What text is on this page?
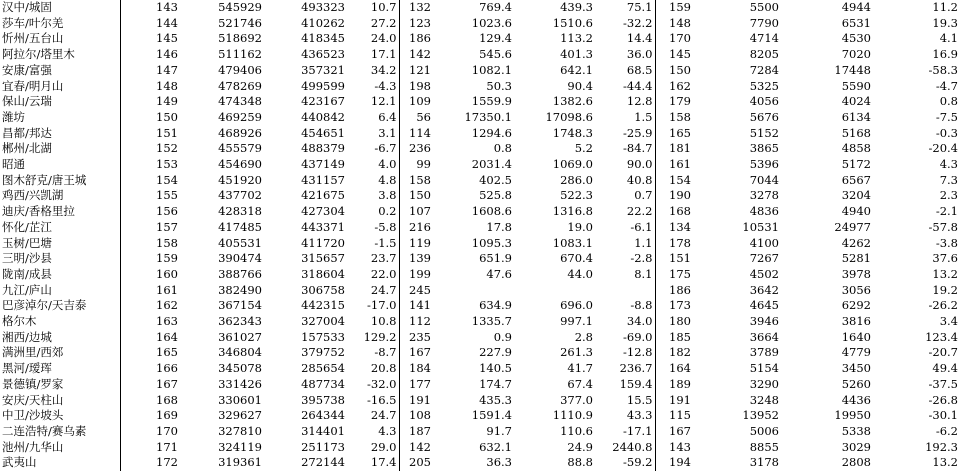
汉中/城固	143	545929	493323	10.7	132	769.4	439.3	75.1	159	5500	4944	11.2
莎车/叶尔羌	144	521746	410262	27.2	123	1023.6	1510.6	-32.2	148	7790	6531	19.3
忻州/五台山	145	518692	418345	24.0	186	129.4	113.2	14.4	170	4714	4530	4.1
阿拉尔/塔里木	146	511162	436523	17.1	142	545.6	401.3	36.0	145	8205	7020	16.9
安康/富强	147	479406	357321	34.2	121	1082.1	642.1	68.5	150	7284	17448	-58.3
宜春/明月山	148	478269	499599	-4.3	198	50.3	90.4	-44.4	162	5325	5590	-4.7
保山/云瑞	149	474348	423167	12.1	109	1559.9	1382.6	12.8	179	4056	4024	0.8
潍坊	150	469259	440842	6.4	56	17350.1	17098.6	1.5	158	5676	6134	-7.5
昌都/邦达	151	468926	454651	3.1	114	1294.6	1748.3	-25.9	165	5152	5168	-0.3
郴州/北湖	152	455579	488379	-6.7	236	0.8	5.2	-84.7	181	3865	4858	-20.4
昭通	153	454690	437149	4.0	99	2031.4	1069.0	90.0	161	5396	5172	4.3
图木舒克/唐王城	154	451920	431157	4.8	158	402.5	286.0	40.8	154	7044	6567	7.3
鸡西/兴凯湖	155	437702	421675	3.8	150	525.8	522.3	0.7	190	3278	3204	2.3
迪庆/香格里拉	156	428318	427304	0.2	107	1608.6	1316.8	22.2	168	4836	4940	-2.1
怀化/芷江	157	417485	443371	-5.8	216	17.8	19.0	-6.1	134	10531	24977	-57.8
玉树/巴塘	158	405531	411720	-1.5	119	1095.3	1083.1	1.1	178	4100	4262	-3.8
三明/沙县	159	390474	315657	23.7	139	651.9	670.4	-2.8	151	7267	5281	37.6
陇南/成县	160	388766	318604	22.0	199	47.6	44.0	8.1	175	4502	3978	13.2
九江/庐山	161	382490	306758	24.7	245				186	3642	3056	19.2
巴彦淖尔/天吉泰	162	367154	442315	-17.0	141	634.9	696.0	-8.8	173	4645	6292	-26.2
格尔木	163	362343	327004	10.8	112	1335.7	997.1	34.0	180	3946	3816	3.4
湘西/边城	164	361027	157533	129.2	235	0.9	2.8	-69.0	185	3664	1640	123.4
满洲里/西郊	165	346804	379752	-8.7	167	227.9	261.3	-12.8	182	3789	4779	-20.7
黑河/瑷珲	166	345078	285654	20.8	184	140.5	41.7	236.7	164	5154	3450	49.4
景德镇/罗家	167	331426	487734	-32.0	177	174.7	67.4	159.4	189	3290	5260	-37.5
安庆/天柱山	168	330601	395738	-16.5	191	435.3	377.0	15.5	191	3248	4436	-26.8
中卫/沙坡头	169	329627	264344	24.7	108	1591.4	1110.9	43.3	115	13952	19950	-30.1
二连浩特/赛乌素	170	327810	314401	4.3	187	91.7	110.6	-17.1	167	5006	5338	-6.2
池州/九华山	171	324119	251173	29.0	142	632.1	24.9	2440.8	143	8855	3029	192.3
武夷山	172	319361	272144	17.4	205	36.3	88.8	-59.2	194	3178	2808	13.2
